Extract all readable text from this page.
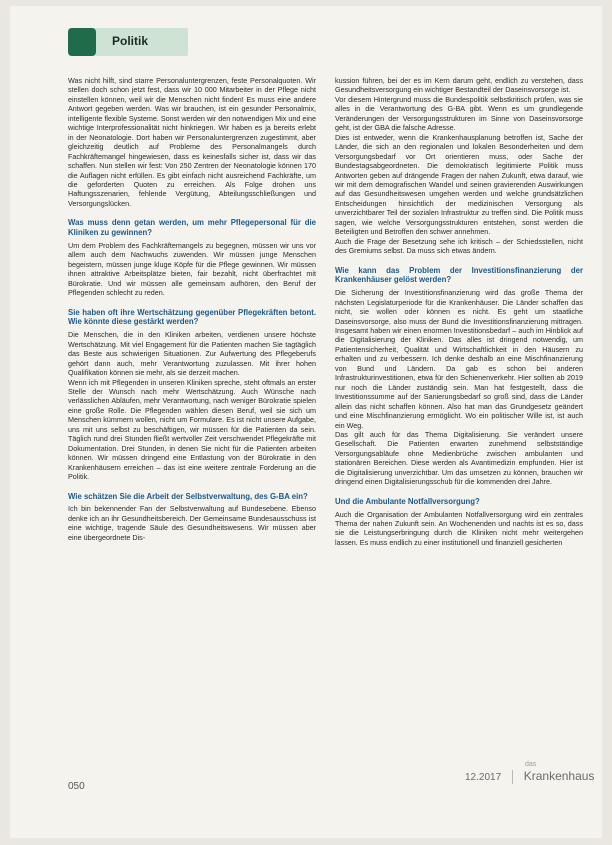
Politik

Was nicht hilft, sind starre Personaluntergrenzen, feste Personalquoten. Wir stellen doch schon jetzt fest, dass wir 10 000 Mitarbeiter in der Pflege nicht einstellen können, weil wir die Menschen nicht finden! Es muss eine andere Antwort gegeben werden. Was wir brauchen, ist ein gesunder Personalmix, intelligente flexible Systeme. Sonst werden wir den notwendigen Mix und eine wichtige Interprofessionalität nicht hinkriegen. Wir haben es ja bereits erlebt in der Neonatologie. Dort haben wir Personaluntergrenzen zugestimmt, aber gleichzeitig deutlich auf Probleme des Personalmangels durch Fachkräftemangel hingewiesen, dass es keinesfalls sicher ist, dass wir das schaffen. Nun stellen wir fest: Von 250 Zentren der Neonatologie können 170 die Auflagen nicht erfüllen. Es gibt einfach nicht ausreichend Fachkräfte, um die geforderten Quoten zu erreichen. Als Folge drohen uns Haftungsszenarien, fehlende Vergütung, Abteilungsschließungen und Versorgungslücken.

Was muss denn getan werden, um mehr Pflegepersonal für die Kliniken zu gewinnen?

Um dem Problem des Fachkräftemangels zu begegnen, müssen wir uns vor allem auch dem Nachwuchs zuwenden. Wir müssen junge Menschen begeistern, müssen junge kluge Köpfe für die Pflege gewinnen. Wir müssen ihnen attraktive Arbeitsplätze bieten, fair bezahlt, nicht überfrachtet mit Bürokratie. Und wir müssen alle gemeinsam aufhören, den Beruf der Pflegenden schlecht zu reden.

Sie haben oft ihre Wertschätzung gegenüber Pflegekräften betont. Wie könnte diese gestärkt werden?

Die Menschen, die in den Kliniken arbeiten, verdienen unsere höchste Wertschätzung. Mit viel Engagement für die Patienten machen Sie tagtäglich das Beste aus schwierigen Situationen. Zur Aufwertung des Pflegeberufs gehört dann auch, mehr Verantwortung zuzulassen. Mit ihrer hohen Qualifikation können sie mehr, als sie derzeit machen.

Wenn ich mit Pflegenden in unseren Kliniken spreche, steht oftmals an erster Stelle der Wunsch nach mehr Wertschätzung. Auch Wünsche nach verlässlichen Abläufen, mehr Verantwortung, nach weniger Bürokratie spielen eine große Rolle. Die Pflegenden wählen diesen Beruf, weil sie sich um Menschen kümmern wollen, nicht um Formulare. Es ist nicht unsere Aufgabe, uns mit uns selbst zu beschäftigen, wir müssen für die Patienten da sein. Täglich rund drei Stunden fließt wertvoller Zeit verschwendet Pflegekräfte mit Dokumentation. Drei Stunden, in denen Sie nicht für die Patienten arbeiten können. Wir müssen dringend eine Entlastung von der Bürokratie in den Krankenhäusern erreichen – das ist eine weitere zentrale Forderung an die Politik.

Wie schätzen Sie die Arbeit der Selbstverwaltung, des G-BA ein?

Ich bin bekennender Fan der Selbstverwaltung auf Bundesebene. Ebenso denke ich an ihr Gesundheitsbereich. Der Gemeinsame Bundesausschuss ist eine wichtige, tragende Säule des Gesundheitswesens. Wir müssen aber eine übergeordnete Dis-

kussion führen, bei der es im Kern darum geht, endlich zu verstehen, dass Gesundheitsversorgung ein wichtiger Bestandteil der Daseinsvorsorge ist.

Vor diesem Hintergrund muss die Bundespolitik selbstkritisch prüfen, was sie alles in die Verantwortung des G-BA gibt. Wenn es um grundlegende Veränderungen der Versorgungsstrukturen im Sinne von Daseinsvorsorge geht, ist der GBA die falsche Adresse.

Dies ist entweder, wenn die Krankenhausplanung betroffen ist, Sache der Länder, die sich an den regionalen und lokalen Besonderheiten und dem Versorgungsbedarf vor Ort orientieren muss, oder Sache der Bundestagsabgeordneten. Die demokratisch legitimierte Politik muss Antworten geben auf drängende Fragen der nahen Zukunft, etwa darauf, wie wir mit dem demografischen Wandel und seinen gravierenden Auswirkungen auf das Gesundheitswesen umgehen werden und welche grundsätzlichen Entscheidungen hinsichtlich der medizinischen Versorgung als unverzichtbarer Teil der sozialen Infrastruktur zu treffen sind. Die Politik muss sagen, wie welche Versorgungsstrukturen entstehen, sonst werden die Beteiligten und Betroffen den schwer annehmen.

Auch die Frage der Besetzung sehe ich kritisch – der Schiedsstellen, nicht des Gremiums selbst. Da muss sich etwas ändern.

Wie kann das Problem der Investitionsfinanzierung der Krankenhäuser gelöst werden?

Die Sicherung der Investitionsfinanzierung wird das große Thema der nächsten Legislaturperiode für die Krankenhäuser. Die Länder schaffen das nicht, sie wollen oder können es nicht. Es geht um staatliche Daseinsvorsorge, also muss der Bund die Investitionsfinanzierung mittragen. Insgesamt haben wir einen enormen Investitionsbedarf – auch im Hinblick auf die Digitalisierung der Kliniken. Das alles ist dringend notwendig, um Patientensicherheit, Qualität und Wirtschaftlichkeit in den Häusern zu erhalten und zu verbessern. Ich denke deshalb an eine Mischfinanzierung von Bund und Ländern. Da gab es schon bei anderen Infrastrukturinvestitionen, etwa für den Schienenverkehr. Hier sollten ab 2019 nur noch die Länder zuständig sein. Man hat festgestellt, dass die Investitionssumme auf der Sanierungsbedarf so groß sind, dass die Länder allein das nicht schaffen können. Also hat man das Grundgesetz geändert und eine Mischfinanzierung ermöglicht. Wo ein politischer Wille ist, ist auch ein Weg.

Das gilt auch für das Thema Digitalisierung. Sie verändert unsere Gesellschaft. Die Patienten erwarten zunehmend selbstständige Versorgungsabläufe ohne Medienbrüche zwischen ambulanten und stationären Bereichen. Diese werden als Avantimedizin empfunden. Hier ist die Digitalisierung unverzichtbar. Um das umsetzen zu können, brauchen wir dringend einen Digitalisierungsschub für die kommenden drei Jahre.

Und die Ambulante Notfallversorgung?

Auch die Organisation der Ambulanten Notfallversorgung wird ein zentrales Thema der nahen Zukunft sein. An Wochenenden und nachts ist es so, dass sie die Leistungserbringung durch die Kliniken nicht mehr weitergehen lassen. Es muss endlich zu einer institutionell und finanziell gesicherten

050
12.2017
das
Krankenhaus
